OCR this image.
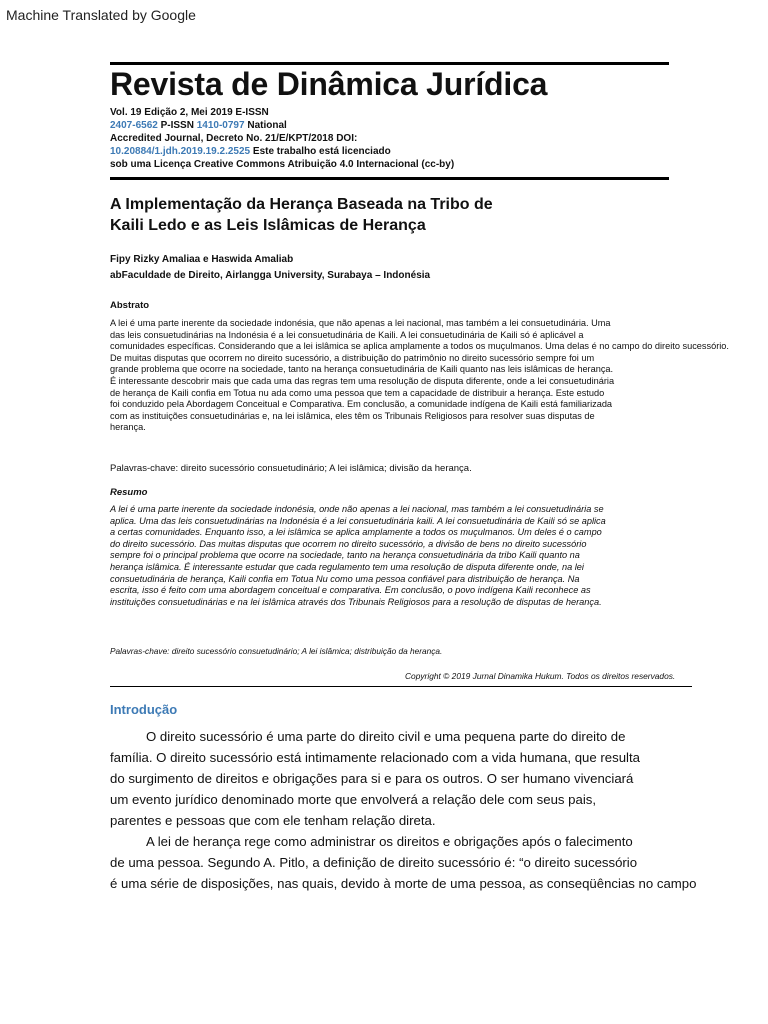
Machine Translated by Google
Revista de Dinâmica Jurídica
Vol. 19 Edição 2, Mei 2019 E-ISSN
2407-6562 P-ISSN 1410-0797 National
Accredited Journal, Decreto No. 21/E/KPT/2018 DOI:
10.20884/1.jdh.2019.19.2.2525 Este trabalho está licenciado
sob uma Licença Creative Commons Atribuição 4.0 Internacional (cc-by)
A Implementação da Herança Baseada na Tribo de
Kaili Ledo e as Leis Islâmicas de Herança
Fipy Rizky Amaliaa e Haswida Amaliab
abFaculdade de Direito, Airlangga University, Surabaya – Indonésia
Abstrato
A lei é uma parte inerente da sociedade indonésia, que não apenas a lei nacional, mas também a lei consuetudinária. Uma
das leis consuetudinárias na Indonésia é a lei consuetudinária de Kaili. A lei consuetudinária de Kaili só é aplicável a
comunidades específicas. Considerando que a lei islâmica se aplica amplamente a todos os muçulmanos. Uma delas é no campo do direito sucessório.
De muitas disputas que ocorrem no direito sucessório, a distribuição do patrimônio no direito sucessório sempre foi um
grande problema que ocorre na sociedade, tanto na herança consuetudinária de Kaili quanto nas leis islâmicas de herança.
É interessante descobrir mais que cada uma das regras tem uma resolução de disputa diferente, onde a lei consuetudinária
de herança de Kaili confia em Totua nu ada como uma pessoa que tem a capacidade de distribuir a herança. Este estudo
foi conduzido pela Abordagem Conceitual e Comparativa. Em conclusão, a comunidade indígena de Kaili está familiarizada
com as instituições consuetudinárias e, na lei islâmica, eles têm os Tribunais Religiosos para resolver suas disputas de
herança.
Palavras-chave: direito sucessório consuetudinário; A lei islâmica; divisão da herança.
Resumo
A lei é uma parte inerente da sociedade indonésia, onde não apenas a lei nacional, mas também a lei consuetudinária se
aplica. Uma das leis consuetudinárias na Indonésia é a lei consuetudinária kaili. A lei consuetudinária de Kaili só se aplica
a certas comunidades. Enquanto isso, a lei islâmica se aplica amplamente a todos os muçulmanos. Um deles é o campo
do direito sucessório. Das muitas disputas que ocorrem no direito sucessório, a divisão de bens no direito sucessório
sempre foi o principal problema que ocorre na sociedade, tanto na herança consuetudinária da tribo Kaili quanto na
herança islâmica. É interessante estudar que cada regulamento tem uma resolução de disputa diferente onde, na lei
consuetudinária de herança, Kaili confia em Totua Nu como uma pessoa confiável para distribuição de herança. Na
escrita, isso é feito com uma abordagem conceitual e comparativa. Em conclusão, o povo indígena Kaili reconhece as
instituições consuetudinárias e na lei islâmica através dos Tribunais Religiosos para a resolução de disputas de herança.
Palavras-chave: direito sucessório consuetudinário; A lei islâmica; distribuição da herança.
Copyright © 2019 Jurnal Dinamika Hukum. Todos os direitos reservados.
Introdução
O direito sucessório é uma parte do direito civil e uma pequena parte do direito de
família. O direito sucessório está intimamente relacionado com a vida humana, que resulta
do surgimento de direitos e obrigações para si e para os outros. O ser humano vivenciará
um evento jurídico denominado morte que envolverá a relação dele com seus pais,
parentes e pessoas que com ele tenham relação direta.
A lei de herança rege como administrar os direitos e obrigações após o falecimento
de uma pessoa. Segundo A. Pitlo, a definição de direito sucessório é: “o direito sucessório
é uma série de disposições, nas quais, devido à morte de uma pessoa, as conseqüências no campo
